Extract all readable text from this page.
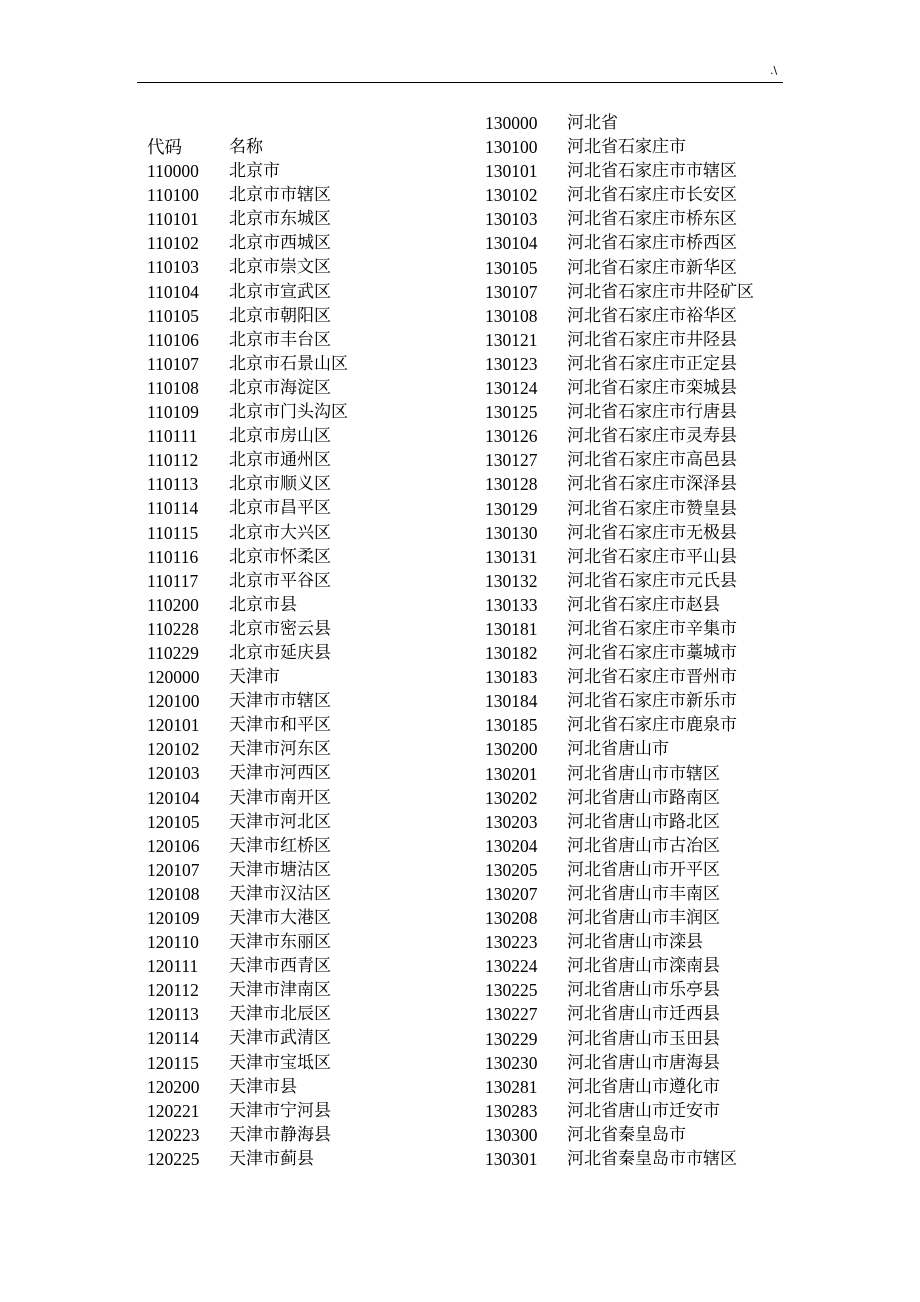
.\
代码	名称
110000 北京市
110100 北京市市辖区
110101 北京市东城区
110102 北京市西城区
110103 北京市崇文区
110104 北京市宣武区
110105 北京市朝阳区
110106 北京市丰台区
110107 北京市石景山区
110108 北京市海淀区
110109 北京市门头沟区
110111 北京市房山区
110112 北京市通州区
110113 北京市顺义区
110114 北京市昌平区
110115 北京市大兴区
110116 北京市怀柔区
110117 北京市平谷区
110200 北京市县
110228 北京市密云县
110229 北京市延庆县
120000 天津市
120100 天津市市辖区
120101 天津市和平区
120102 天津市河东区
120103 天津市河西区
120104 天津市南开区
120105 天津市河北区
120106 天津市红桥区
120107 天津市塘沽区
120108 天津市汉沽区
120109 天津市大港区
120110 天津市东丽区
120111 天津市西青区
120112 天津市津南区
120113 天津市北辰区
120114 天津市武清区
120115 天津市宝坻区
120200 天津市县
120221 天津市宁河县
120223 天津市静海县
120225 天津市蓟县
130000 河北省
130100 河北省石家庄市
130101 河北省石家庄市市辖区
130102 河北省石家庄市长安区
130103 河北省石家庄市桥东区
130104 河北省石家庄市桥西区
130105 河北省石家庄市新华区
130107 河北省石家庄市井陉矿区
130108 河北省石家庄市裕华区
130121 河北省石家庄市井陉县
130123 河北省石家庄市正定县
130124 河北省石家庄市栾城县
130125 河北省石家庄市行唐县
130126 河北省石家庄市灵寿县
130127 河北省石家庄市高邑县
130128 河北省石家庄市深泽县
130129 河北省石家庄市赞皇县
130130 河北省石家庄市无极县
130131 河北省石家庄市平山县
130132 河北省石家庄市元氏县
130133 河北省石家庄市赵县
130181 河北省石家庄市辛集市
130182 河北省石家庄市藁城市
130183 河北省石家庄市晋州市
130184 河北省石家庄市新乐市
130185 河北省石家庄市鹿泉市
130200 河北省唐山市
130201 河北省唐山市市辖区
130202 河北省唐山市路南区
130203 河北省唐山市路北区
130204 河北省唐山市古冶区
130205 河北省唐山市开平区
130207 河北省唐山市丰南区
130208 河北省唐山市丰润区
130223 河北省唐山市滦县
130224 河北省唐山市滦南县
130225 河北省唐山市乐亭县
130227 河北省唐山市迁西县
130229 河北省唐山市玉田县
130230 河北省唐山市唐海县
130281 河北省唐山市遵化市
130283 河北省唐山市迁安市
130300 河北省秦皇岛市
130301 河北省秦皇岛市市辖区
